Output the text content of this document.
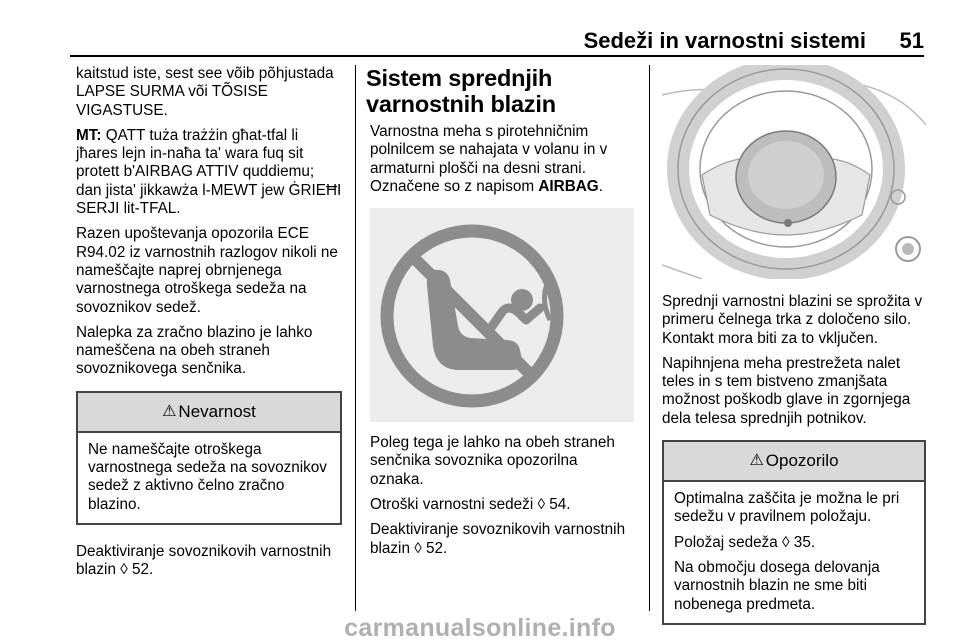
Sedeži in varnostni sistemi 51

kaitstud iste, sest see võib põhjustada LAPSE SURMA või TÕSISE VIGASTUSE.

MT: QATT tuża trażżin għat-tfal li jħares lejn in-naħa ta' wara fuq sit protett b'AIRBAG ATTIV quddiemu; dan jista' jikkawża l-MEWT jew ĠRIEĦI SERJI lit-TFAL.

Razen upoštevanja opozorila ECE R94.02 iz varnostnih razlogov nikoli ne nameščajte naprej obrnjenega varnostnega otroškega sedeža na sovoznikov sedež.

Nalepka za zračno blazino je lahko nameščena na obeh straneh sovoznikovega senčnika.

⚠ Nevarnost

Ne nameščajte otroškega varnostnega sedeža na sovoznikov sedež z aktivno čelno zračno blazino.

Deaktiviranje sovoznikovih varnostnih blazin ◊ 52.

Sistem sprednjih varnostnih blazin

Varnostna meha s pirotehničnim polnilcem se nahajata v volanu in v armaturni plošči na desni strani. Označene so z napisom AIRBAG.

Poleg tega je lahko na obeh straneh senčnika sovoznika opozorilna oznaka.

Otroški varnostni sedeži ◊ 54.

Deaktiviranje sovoznikovih varnostnih blazin ◊ 52.

Sprednji varnostni blazini se sprožita v primeru čelnega trka z določeno silo. Kontakt mora biti za to vključen.

Napihnjena meha prestrežeta nalet teles in s tem bistveno zmanjšata možnost poškodb glave in zgornjega dela telesa sprednjih potnikov.

⚠ Opozorilo

Optimalna zaščita je možna le pri sedežu v pravilnem položaju.

Položaj sedeža ◊ 35.

Na območju dosega delovanja varnostnih blazin ne sme biti nobenega predmeta.

carmanualsonline.info
